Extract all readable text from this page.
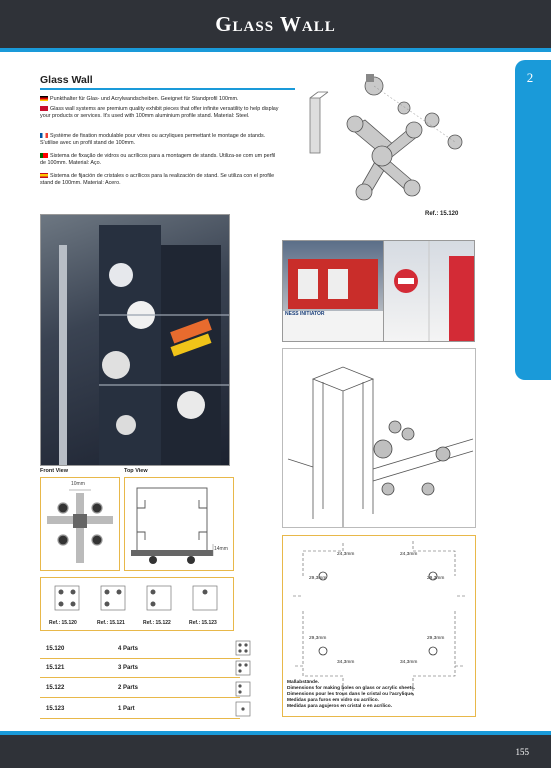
Glass Wall
2
Glass Wall
Punkthalter für Glas- und Acrylwandscheiben. Geeignet für Standprofil 100mm.
Glass wall systems are premium quality exhibit pieces that offer infinite versatility to help display your products or services. It's used with 100mm aluminium profile stand. Material: Steel.
Système de fixation modulable pour vitres ou acryliques permettant le montage de stands. S'utilise avec un profil stand de 100mm.
Sistema de fixação de vidros ou acrílicos para a montagem de stands. Utiliza-se com um perfil de 100mm. Material: Aço.
Sistema de fijación de cristales o acrílicos para la realización de stand. Se utiliza con el profile stand de 100mm. Material: Acero.
Ref.: 15.120
NESS INITIATOR
Front View	Top View
10mm
14mm
Ref.: 15.120	Ref.: 15.121	Ref.: 15.122	Ref.: 15.123
15.120	4 Parts
15.121	3 Parts
15.122	2 Parts
15.123	1 Part
24,3mm	24,3mm
29,3mm	29,3mm
29,3mm	29,3mm
34,3mm	34,3mm
Maßabstände.
Dimensions for making holes on glass or acrylic sheets.
Dimensions pour les trous dans le cristal ou l'acrylique.
Medidas para furos em vidro ou acrílico.
Medidas para agujeros en cristal o en acrílico.
155
